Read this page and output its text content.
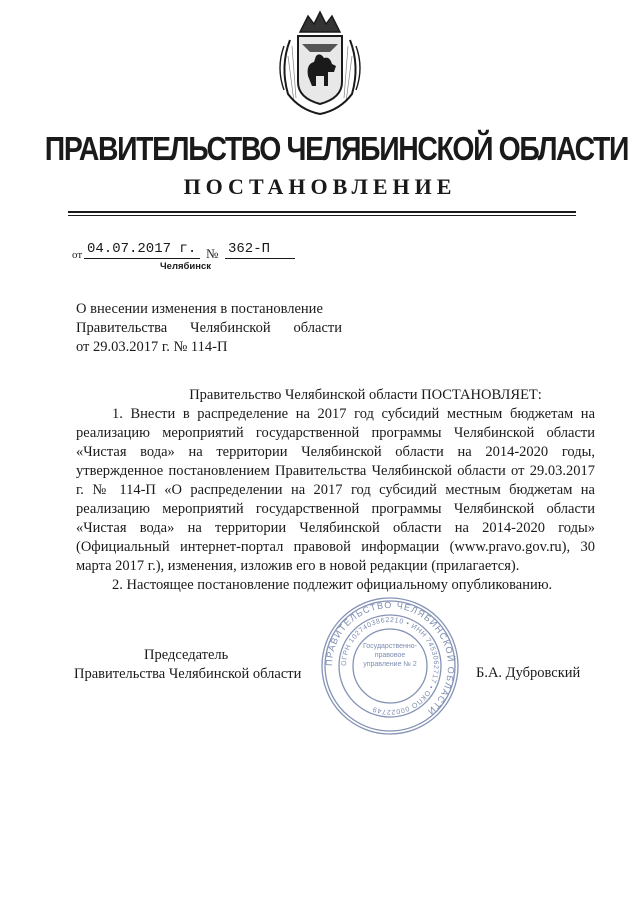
ПРАВИТЕЛЬСТВО ЧЕЛЯБИНСКОЙ ОБЛАСТИ
ПОСТАНОВЛЕНИЕ
от 04.07.2017 г. № 362-П
Челябинск
О внесении изменения в постановление
Правительства Челябинской области
от 29.03.2017 г. № 114-П
Правительство Челябинской области ПОСТАНОВЛЯЕТ:

1. Внести в распределение на 2017 год субсидий местным бюджетам на реализацию мероприятий государственной программы Челябинской области «Чистая вода» на территории Челябинской области на 2014-2020 годы, утвержденное постановлением Правительства Челябинской области от 29.03.2017 г. № 114-П «О распределении на 2017 год субсидий местным бюджетам на реализацию мероприятий государственной программы Челябинской области «Чистая вода» на территории Челябинской области на 2014-2020 годы» (Официальный интернет-портал правовой информации (www.pravo.gov.ru), 30 марта 2017 г.), изменения, изложив его в новой редакции (прилагается).

2. Настоящее постановление подлежит официальному опубликованию.

Председатель
Правительства Челябинской области	Б.А. Дубровский
ПРАВИТЕЛЬСТВО ЧЕЛЯБИНСКОЙ ОБЛАСТИ
ОГРН 1027403862210 • ИНН 7453062717 • ОКПО 00022749
Государственно-правовое управление № 2
